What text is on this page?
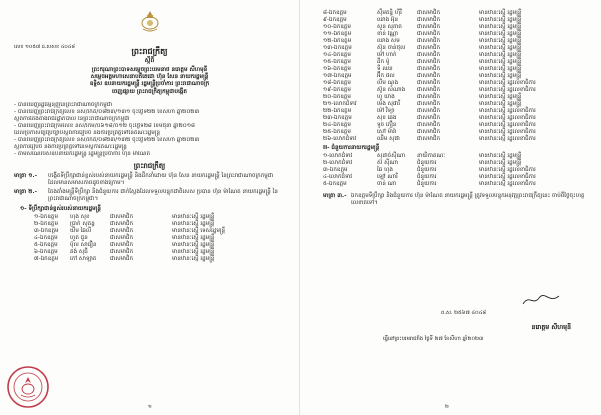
លេខ ១០៥៧ ដ.សសខ ៤០៤៨	ព្រះរាជក្រឹត្យ
ស្តីពី
ព្រះករុណាព្រះបាទសម្តេចព្រះបរមនាថ នរោត្តម សីហមុនី
សម្តេចអគ្គមហាសេនាបតីតេជោ ហ៊ុន សែន នាយករដ្ឋមន្ត្រី
ឧទ្ទិស ឧបនាយករដ្ឋមន្ត្រី រដ្ឋមន្ត្រីប្រចាំការ ព្រះរាជាណាចក្រ
ចេញផ្សាយ ព្រះរាជក្រឹត្យកម្ពុជាបង្កើត
- បានឃើញរដ្ឋធម្មនុញ្ញនៃព្រះរាជាណាចក្រកម្ពុជា
- បានឃើញព្រះរាជក្រឹត្យលេខ នស/រកត/០៨២៣/១៣១ ចុះថ្ងៃទី២២ ខែសីហា ឆ្នាំ២០២៣
ស្តីពីការតែងតាំងរាជរដ្ឋាភិបាល នៃព្រះរាជាណាចក្រកម្ពុជា
- បានឃើញព្រះរាជក្រមលេខ នស/រកម/០៦១៨/០១២ ចុះថ្ងៃទី២៨ ខែមិថុនា ឆ្នាំ២០១៨
ដែលប្រកាសឱ្យប្រើច្បាប់ស្តីពីការរៀបចំ និងការប្រព្រឹត្តទៅនៃគណៈរដ្ឋមន្ត្រី
- បានឃើញព្រះរាជក្រឹត្យលេខ នស/រកត/០៨២៣/១៣២ ចុះថ្ងៃទី២២ ខែសីហា ឆ្នាំ២០២៣
ស្តីពីការរៀបចំ និងការប្រព្រឹត្តទៅនៃទីស្តីការគណៈរដ្ឋមន្ត្រី
- តាមសំណើរបស់ឧបនាយករដ្ឋមន្ត្រី រដ្ឋមន្ត្រីប្រចាំការ ហ៊ុន ម៉ាណែត
ព្រះរាជក្រឹត្យ
មាត្រា ១.-	បង្កើតទីប្រឹក្សាជាន់ខ្ពស់របស់នាយករដ្ឋមន្ត្រី និងដឹកនាំដោយ ហ៊ុន សែន នាយករដ្ឋមន្ត្រី នៃព្រះរាជាណាចក្រកម្ពុជា ដែលមានសមាសភាពដូចខាងក្រោម។
មាត្រា ២.-	តែងតាំងមន្ត្រីទីប្រឹក្សា និងជំនួយការ ជាក់ស្តែងដែលទទួលបន្ទុកជាពិសេស ប្រធាន ហ៊ុន ម៉ាណែត នាយករដ្ឋមន្ត្រី នៃព្រះរាជាណាចក្រកម្ពុជា។
១- ទីប្រឹក្សាជាន់ខ្ពស់របស់នាយករដ្ឋមន្ត្រី
១-ឯកឧត្តម	ហុង សុខ	ជាសមាជិក	មានឋានៈស្មើ រដ្ឋមន្ត្រី
២-ឯកឧត្តម	ប្រាក់ សុគន្ធ	ជាសមាជិក	មានឋានៈស្មើ រដ្ឋមន្ត្រី
៣-ឯកឧត្តម	យឹម ឆៃលី	ជាសមាជិក	មានឋានៈស្មើ ទេសរដ្ឋមន្ត្រី
៤-ឯកឧត្តម	ហួត ជួន	ជាសមាជិក	មានឋានៈស្មើ រដ្ឋមន្ត្រី
៥-ឯកឧត្តម	ប៉ុល សារឿន	ជាសមាជិក	មានឋានៈស្មើ រដ្ឋមន្ត្រី
៦-ឯកឧត្តម	គង់ សុធី	ជាសមាជិក	មានឋានៈស្មើ រដ្ឋមន្ត្រី
៧-ឯកឧត្តម	កៅ សាឡាត	ជាសមាជិក	មានឋានៈស្មើ រដ្ឋមន្ត្រី
១
៨-ឯកឧត្តម	ស៊ឹមគន្ធិ ហ៊ីរី	ជាសមាជិក	មានឋានៈស្មើ រដ្ឋមន្ត្រី
៩-ឯកឧត្តម	ឈាង អ៊ុន	ជាសមាជិក	មានឋានៈស្មើ រដ្ឋមន្ត្រី
១០-ឯកឧត្តម	សួន សុភាព	ជាសមាជិក	មានឋានៈស្មើ រដ្ឋមន្ត្រី
១១-ឯកឧត្តម	ខាន់ វណ្ណា	ជាសមាជិក	មានឋានៈស្មើ រដ្ឋមន្ត្រី
១២-ឯកឧត្តម	ឈាង សម	ជាសមាជិក	មានឋានៈស្មើ រដ្ឋមន្ត្រី
១៣-ឯកឧត្តម	ស៊ុន ចាន់ថុល	ជាសមាជិក	មានឋានៈស្មើ រដ្ឋមន្ត្រី
១៤-ឯកឧត្តម	ម៉ៅ ហាក់	ជាសមាជិក	មានឋានៈស្មើ រដ្ឋមន្ត្រី
១៥-ឯកឧត្តម	ដឹក ម៉ូ	ជាសមាជិក	មានឋានៈស្មើ រដ្ឋមន្ត្រី
១៦-ឯកឧត្តម	ទី ឈន	ជាសមាជិក	មានឋានៈស្មើ រដ្ឋមន្ត្រី
១៧-ឯកឧត្តម	អ៊ឹក ផល	ជាសមាជិក	មានឋានៈស្មើ រដ្ឋមន្ត្រី
១៨-ឯកឧត្តម	លីម ណុង	ជាសមាជិក	មានឋានៈស្មើ រដ្ឋលេខាធិការ
១៩-ឯកឧត្តម	ស៊ូន សំណាង	ជាសមាជិក	មានឋានៈស្មើ រដ្ឋលេខាធិការ
២០-ឯកឧត្តម	ហួ ឃាង	ជាសមាជិក	មានឋានៈស្មើ រដ្ឋមន្ត្រី
២១-លោកជំទាវ	ម៉េង សុផារី	ជាសមាជិក	មានឋានៈស្មើ រដ្ឋមន្ត្រី
២២-ឯកឧត្តម	ម៉ៅ វិទ្យា	ជាសមាជិក	មានឋានៈស្មើ រដ្ឋលេខាធិការ
២៣-ឯកឧត្តម	សុខ ឆេង	ជាសមាជិក	មានឋានៈស្មើ រដ្ឋលេខាធិការ
២៤-ឯកឧត្តម	ទូច ភឿន	ជាសមាជិក	មានឋានៈស្មើ រដ្ឋលេខាធិការ
២៥-ឯកឧត្តម	សៅ ម៉ារ៉ា	ជាសមាជិក	មានឋានៈស្មើ រដ្ឋលេខាធិការ
២៦-លោកជំទាវ	ឈឹម សុផា	ជាសមាជិក	មានឋានៈស្មើ រដ្ឋលេខាធិការ
II- ជំនួយការនាយករដ្ឋមន្ត្រី
១-លោកជំទាវ	សុដាច់ស៊ីណា	នាយិកាគណៈ	មានឋានៈស្មើ រដ្ឋមន្ត្រី
២-លោកជំទាវ	ស៊ ស៊ីណា	ជំនួយការ	មានឋានៈស្មើ រដ្ឋមន្ត្រី
៣-ឯកឧត្តម	ឆៃ ហុង	ជំនួយការ	មានឋានៈស្មើ រដ្ឋលេខាធិការ
៤-លោកជំទាវ	ឡៅ ណារី	ជំនួយការ	មានឋានៈស្មើ រដ្ឋលេខាធិការ
៥-ឯកឧត្តម	ចាន់ ណា	ជំនួយការ	មានឋានៈស្មើ រដ្ឋលេខាធិការ
មាត្រា ៣.- ឯកឧត្តមទីប្រឹក្សា និងជំនួយការ ហ៊ុន ម៉ាណែត នាយករដ្ឋមន្ត្រី ត្រូវទទួលបន្ទុកអនុវត្តព្រះរាជក្រឹត្យនេះ ចាប់ពីថ្ងៃចុះហត្ថលេខាតទៅ។
ព.ស. ២៥៦៧ ៤០៤៨
នរោត្តម សីហមុនី
ធ្វើនៅព្រះបរមរាជវាំង ថ្ងៃទី ២៧ ខែសីហា ឆ្នាំ២០២៣
២
